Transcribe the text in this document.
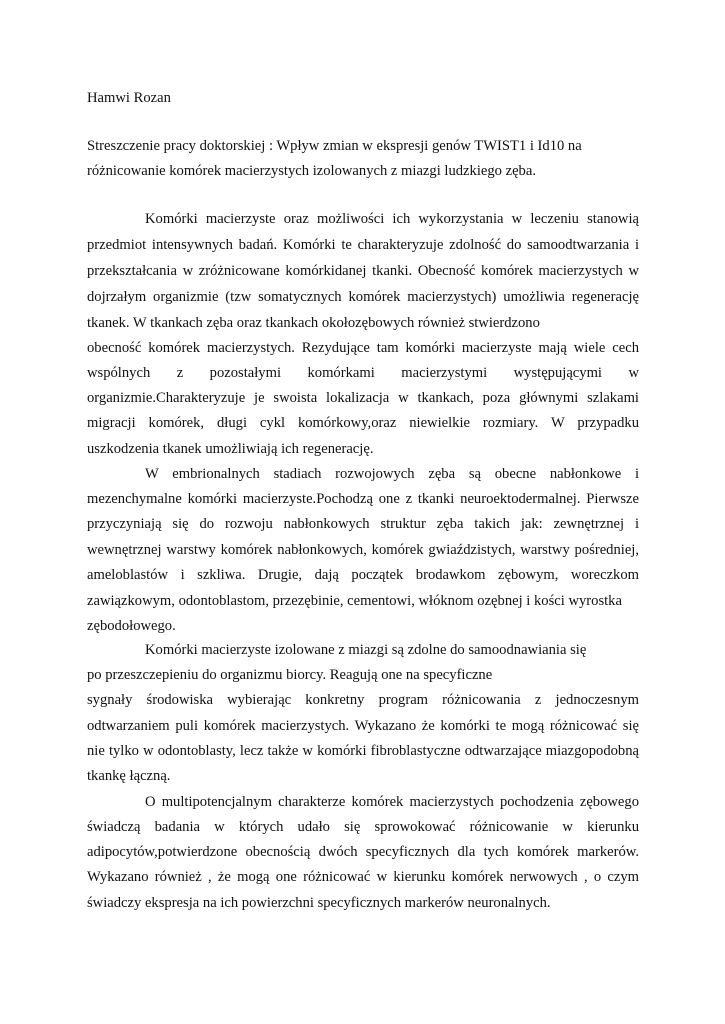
Hamwi Rozan
Streszczenie pracy doktorskiej : Wpływ zmian w ekspresji genów TWIST1 i Id10 na
różnicowanie komórek macierzystych izolowanych z miazgi ludzkiego zęba.
Komórki macierzyste oraz możliwości ich wykorzystania w leczeniu stanowią
przedmiot intensywnych badań. Komórki te charakteryzuje zdolność do samoodtwarzania i
przekształcania w zróżnicowane komórkidanej tkanki. Obecność komórek macierzystych w
dojrzałym organizmie (tzw somatycznych komórek macierzystych) umożliwia regenerację
tkanek. W tkankach zęba oraz tkankach okołozębowych również stwierdzono
obecność komórek macierzystych. Rezydujące tam komórki macierzyste mają wiele cech
wspólnych z pozostałymi komórkami macierzystymi występującymi w
organizmie.Charakteryzuje je swoista lokalizacja w tkankach, poza głównymi szlakami
migracji komórek, długi cykl komórkowy,oraz niewielkie rozmiary. W przypadku
uszkodzenia tkanek umożliwiają ich regenerację.
W embrionalnych stadiach rozwojowych zęba są obecne nabłonkowe i
mezenchymalne komórki macierzyste.Pochodzą one z tkanki neuroektodermalnej. Pierwsze
przyczyniają się do rozwoju nabłonkowych struktur zęba takich jak: zewnętrznej i
wewnętrznej warstwy komórek nabłonkowych, komórek gwiaździstych, warstwy pośredniej,
ameloblastów i szkliwa. Drugie, dają początek brodawkom zębowym, woreczkom
zawiązkowym, odontoblastom, przezębinie, cementowi, włóknom ozębnej i kości wyrostka
zębodołowego.
Komórki macierzyste izolowane z miazgi są zdolne do samoodnawiania się
po przeszczepieniu do organizmu biorcy. Reagują one na specyficzne
sygnały środowiska wybierając konkretny program różnicowania z jednoczesnym
odtwarzaniem puli komórek macierzystych. Wykazano że komórki te mogą różnicować się
nie tylko w odontoblasty, lecz także w komórki fibroblastyczne odtwarzające miazgopodobną
tkankę łączną.
O multipotencjalnym charakterze komórek macierzystych pochodzenia zębowego
świadczą badania w których udało się sprowokować różnicowanie w kierunku
adipocytów,potwierdzone obecnością dwóch specyficznych dla tych komórek markerów.
Wykazano również , że mogą one różnicować w kierunku komórek nerwowych , o czym
świadczy ekspresja na ich powierzchni specyficznych markerów neuronalnych.
